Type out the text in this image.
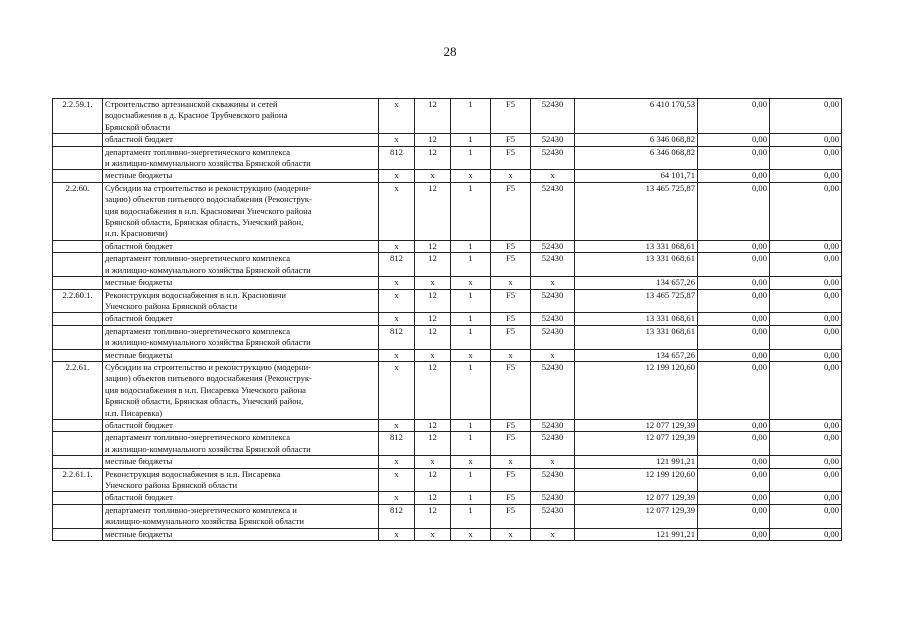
28
2.2.59.1.	Строительство артезианской скважины и сетей
водоснабжения в д. Красное Трубчевского района
Брянской области	x	12	1	F5	52430	6 410 170,53	0,00	0,00
	областной бюджет	x	12	1	F5	52430	6 346 068,82	0,00	0,00
	департамент топливно-энергетического комплекса
и жилищно-коммунального хозяйства Брянской области	812	12	1	F5	52430	6 346 068,82	0,00	0,00
	местные бюджеты	x	x	x	x	x	64 101,71	0,00	0,00
2.2.60.	Субсидии на строительство и реконструкцию (модерни-
зацию) объектов питьевого водоснабжения (Реконструк-
ция водоснабжения в н.п. Красновичи Унечского района
Брянской области, Брянская область, Унечский район,
н.п. Красновичи)	x	12	1	F5	52430	13 465 725,87	0,00	0,00
	областной бюджет	x	12	1	F5	52430	13 331 068,61	0,00	0,00
	департамент топливно-энергетического комплекса
и жилищно-коммунального хозяйства Брянской области	812	12	1	F5	52430	13 331 068,61	0,00	0,00
	местные бюджеты	x	x	x	x	x	134 657,26	0,00	0,00
2.2.60.1.	Реконструкция водоснабжения в н.п. Красновичи
Унечского района Брянской области	x	12	1	F5	52430	13 465 725,87	0,00	0,00
	областной бюджет	x	12	1	F5	52430	13 331 068,61	0,00	0,00
	департамент топливно-энергетического комплекса
и жилищно-коммунального хозяйства Брянской области	812	12	1	F5	52430	13 331 068,61	0,00	0,00
	местные бюджеты	x	x	x	x	x	134 657,26	0,00	0,00
2.2.61.	Субсидии на строительство и реконструкцию (модерни-
зацию) объектов питьевого водоснабжения (Реконструк-
ция водоснабжения в н.п. Писаревка Унечского района
Брянской области, Брянская область, Унечский район,
н.п. Писаревка)	x	12	1	F5	52430	12 199 120,60	0,00	0,00
	областной бюджет	x	12	1	F5	52430	12 077 129,39	0,00	0,00
	департамент топливно-энергетического комплекса
и жилищно-коммунального хозяйства Брянской области	812	12	1	F5	52430	12 077 129,39	0,00	0,00
	местные бюджеты	x	x	x	x	x	121 991,21	0,00	0,00
2.2.61.1.	Реконструкция водоснабжения в н.п. Писаревка
Унечского района Брянской области	x	12	1	F5	52430	12 199 120,60	0,00	0,00
	областной бюджет	x	12	1	F5	52430	12 077 129,39	0,00	0,00
	департамент топливно-энергетического комплекса и
жилищно-коммунального хозяйства Брянской области	812	12	1	F5	52430	12 077 129,39	0,00	0,00
	местные бюджеты	x	x	x	x	x	121 991,21	0,00	0,00
